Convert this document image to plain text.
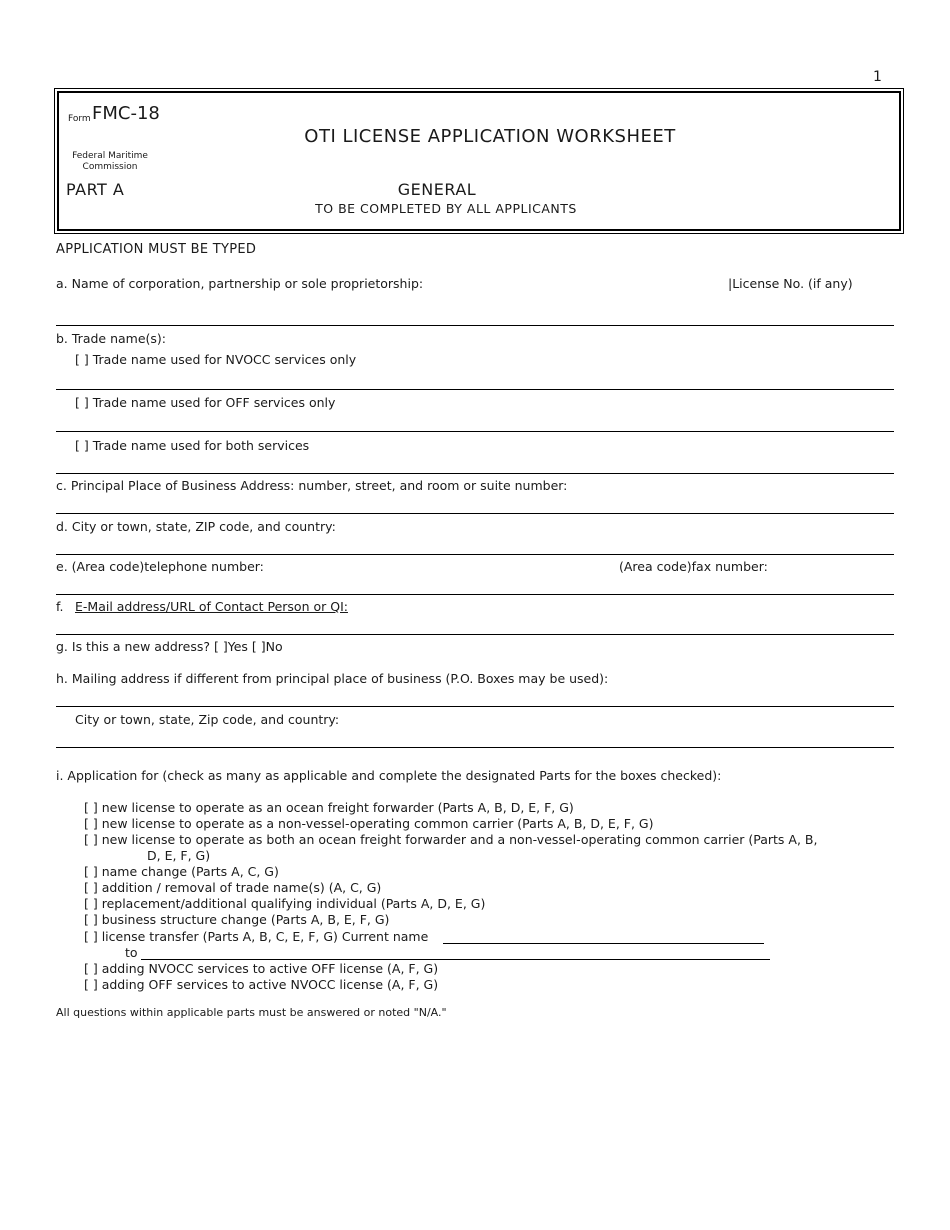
1
Form FMC-18
OTI LICENSE APPLICATION WORKSHEET
Federal Maritime Commission
PART A	GENERAL
TO BE COMPLETED BY ALL APPLICANTS
APPLICATION MUST BE TYPED
a. Name of corporation, partnership or sole proprietorship:	|License No. (if any)
b. Trade name(s):
[ ] Trade name used for NVOCC services only
[ ] Trade name used for OFF services only
[ ] Trade name used for both services
c. Principal Place of Business Address: number, street, and room or suite number:
d. City or town, state, ZIP code, and country:
e. (Area code)telephone number:	(Area code)fax number:
f. E-Mail address/URL of Contact Person or QI:
g. Is this a new address? [ ]Yes [ ]No
h. Mailing address if different from principal place of business (P.O. Boxes may be used):
City or town, state, Zip code, and country:
i. Application for (check as many as applicable and complete the designated Parts for the boxes checked):
[ ] new license to operate as an ocean freight forwarder (Parts A, B, D, E, F, G)
[ ] new license to operate as a non-vessel-operating common carrier (Parts A, B, D, E, F, G)
[ ] new license to operate as both an ocean freight forwarder and a non-vessel-operating common carrier (Parts A, B,
D, E, F, G)
[ ] name change (Parts A, C, G)
[ ] addition / removal of trade name(s) (A, C, G)
[ ] replacement/additional qualifying individual (Parts A, D, E, G)
[ ] business structure change (Parts A, B, E, F, G)
[ ] license transfer (Parts A, B, C, E, F, G) Current name
to
[ ] adding NVOCC services to active OFF license (A, F, G)
[ ] adding OFF services to active NVOCC license (A, F, G)
All questions within applicable parts must be answered or noted "N/A."
